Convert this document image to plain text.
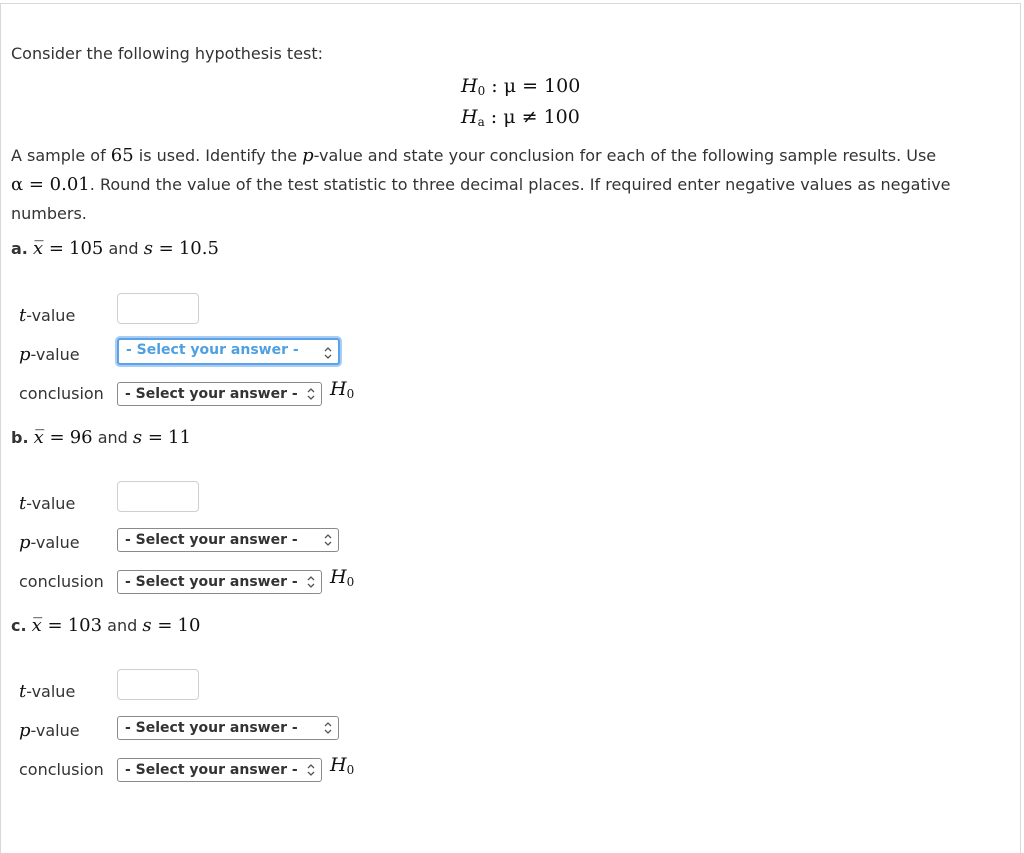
Consider the following hypothesis test:
$H_0$ : μ = 100
$H_a$ : μ ≠ 100
A sample of 65 is used. Identify the p-value and state your conclusion for each of the following sample results. Use
α = 0.01. Round the value of the test statistic to three decimal places. If required enter negative values as negative
numbers.
a. x̅ = 105 and s = 10.5
t-value
p-value	- Select your answer -
conclusion	- Select your answer -	$H_0$
b. x̅ = 96 and s = 11
t-value
p-value	- Select your answer -
conclusion	- Select your answer -	$H_0$
c. x̅ = 103 and s = 10
t-value
p-value	- Select your answer -
conclusion	- Select your answer -	$H_0$
